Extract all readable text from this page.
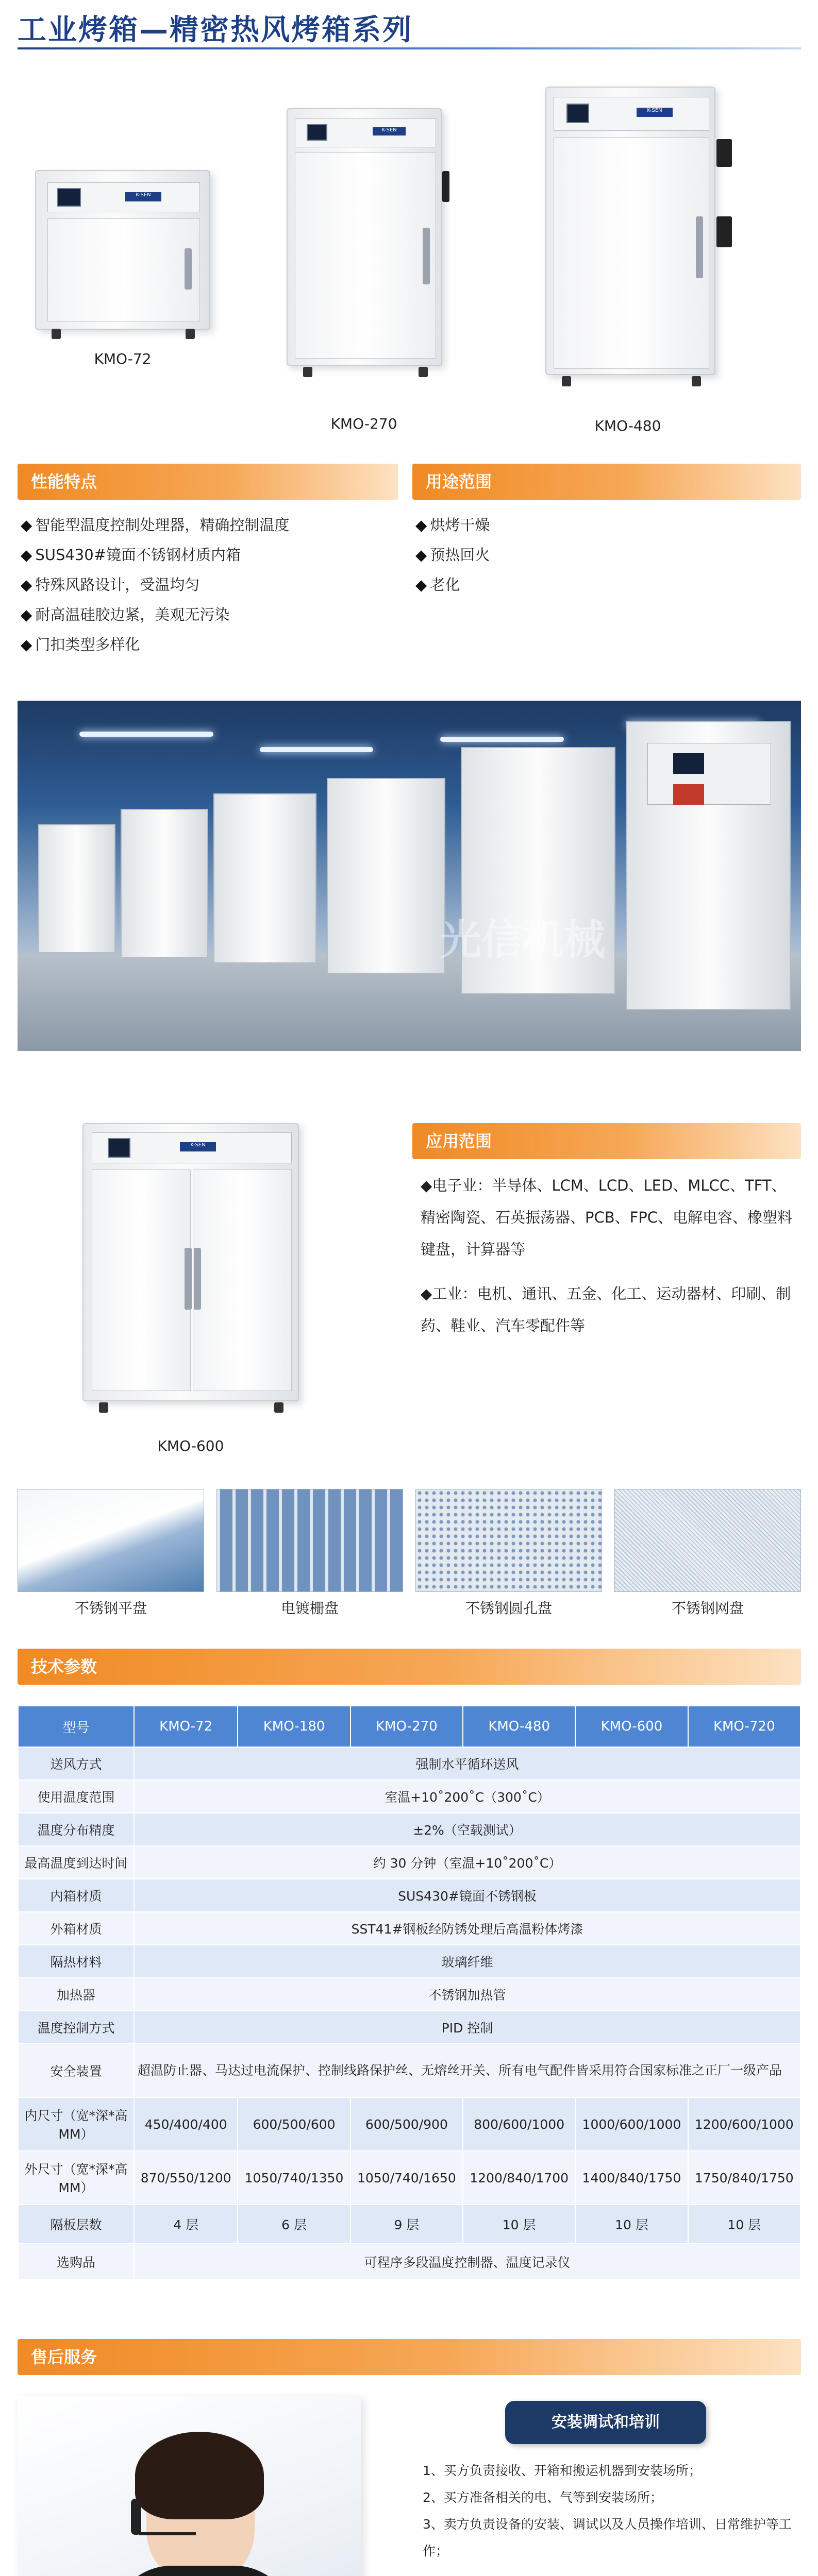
工业烤箱—精密热风烤箱系列
K-SEN
KMO-72
K-SEN
KMO-270
K-SEN
KMO-480
性能特点	用途范围
◆ 智能型温度控制处理器，精确控制温度
◆ SUS430#镜面不锈钢材质内箱
◆ 特殊风路设计，受温均匀
◆ 耐高温硅胶边紧，美观无污染
◆ 门扣类型多样化
◆ 烘烤干燥
◆ 预热回火
◆ 老化
光信机械
K-SEN
KMO-600
应用范围
◆电子业：半导体、LCM、LCD、LED、MLCC、TFT、精密陶瓷、石英振荡器、PCB、FPC、电解电容、橡塑料键盘，计算器等
◆工业：电机、通讯、五金、化工、运动器材、印刷、制药、鞋业、汽车零配件等
不锈钢平盘	电镀栅盘	不锈钢圆孔盘	不锈钢网盘
技术参数
型号	KMO-72	KMO-180	KMO-270	KMO-480	KMO-600	KMO-720
送风方式	强制水平循环送风					
使用温度范围	室温+10˚200˚C（300˚C）					
温度分布精度	±2%（空载测试）					
最高温度到达时间	约 30 分钟（室温+10˚200˚C）					
内箱材质	SUS430#镜面不锈钢板					
外箱材质	SST41#钢板经防锈处理后高温粉体烤漆					
隔热材料	玻璃纤维					
加热器	不锈钢加热管					
温度控制方式	PID 控制					
安全装置	超温防止器、马达过电流保护、控制线路保护丝、无熔丝开关、所有电气配件皆采用符合国家标准之正厂一级产品					
内尺寸（宽*深*高 MM）	450/400/400	600/500/600	600/500/900	800/600/1000	1000/600/1000	1200/600/1000
外尺寸（宽*深*高 MM）	870/550/1200	1050/740/1350	1050/740/1650	1200/840/1700	1400/840/1750	1750/840/1750
隔板层数	4 层	6 层	9 层	10 层	10 层	10 层
选购品	可程序多段温度控制器、温度记录仪					
售后服务
安装调试和培训
1、买方负责接收、开箱和搬运机器到安装场所；
2、买方准备相关的电、气等到安装场所；
3、卖方负责设备的安装、调试以及人员操作培训、日常维护等工作；
